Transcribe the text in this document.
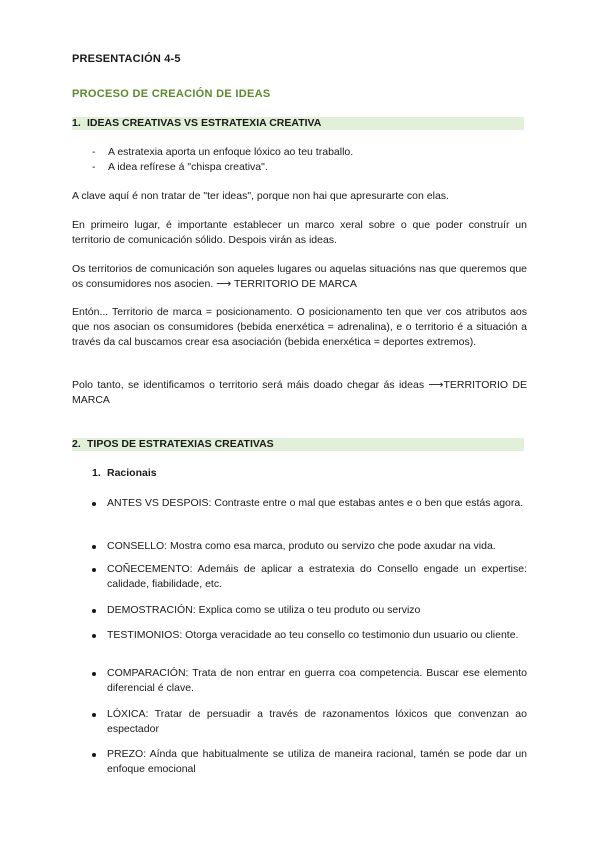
PRESENTACIÓN 4-5
PROCESO DE CREACIÓN DE IDEAS
1. IDEAS CREATIVAS VS ESTRATEXIA CREATIVA
- A estratexia aporta un enfoque lóxico ao teu traballo.
- A idea refírese á "chispa creativa".
A clave aquí é non tratar de "ter ideas", porque non hai que apresurarte con elas.
En primeiro lugar, é importante establecer un marco xeral sobre o que poder construír un territorio de comunicación sólido. Despois virán as ideas.
Os territorios de comunicación son aqueles lugares ou aquelas situacións nas que queremos que os consumidores nos asocien. ⟶ TERRITORIO DE MARCA
Entón... Territorio de marca = posicionamento. O posicionamento ten que ver cos atributos aos que nos asocian os consumidores (bebida enerxética = adrenalina), e o territorio é a situación a través da cal buscamos crear esa asociación (bebida enerxética = deportes extremos).
Polo tanto, se identificamos o territorio será máis doado chegar ás ideas ⟶TERRITORIO DE MARCA
2. TIPOS DE ESTRATEXIAS CREATIVAS
1. Racionais
ANTES VS DESPOIS: Contraste entre o mal que estabas antes e o ben que estás agora.
CONSELLO: Mostra como esa marca, produto ou servizo che pode axudar na vida.
COÑECEMENTO: Ademáis de aplicar a estratexia do Consello engade un expertise: calidade, fiabilidade, etc.
DEMOSTRACIÓN: Explica como se utiliza o teu produto ou servizo
TESTIMONIOS: Otorga veracidade ao teu consello co testimonio dun usuario ou cliente.
COMPARACIÓN: Trata de non entrar en guerra coa competencia. Buscar ese elemento diferencial é clave.
LÓXICA: Tratar de persuadir a través de razonamentos lóxicos que convenzan ao espectador
PREZO: Aínda que habitualmente se utiliza de maneira racional, tamén se pode dar un enfoque emocional
